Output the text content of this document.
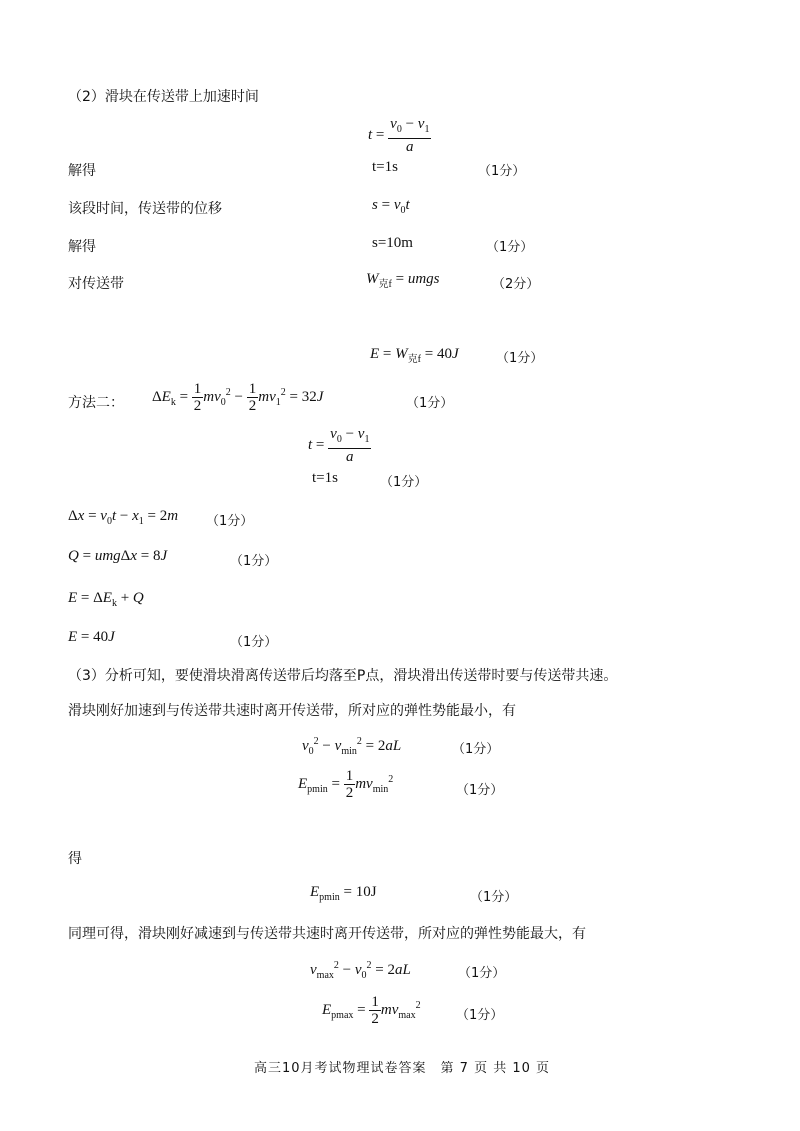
（2）滑块在传送带上加速时间
$t = \frac{v_0 - v_1}{a}$
解得	t=1s	（1分）
该段时间，传送带的位移	$s = v_0t$
解得	s=10m	（1分）
对传送带	$W_{克f}$ = umgs	（2分）
$E = W_{克f} = 40J$	（1分）
方法二： $\Delta E_k = \frac{1}{2} mv_0^2 - \frac{1}{2} mv_1^2 = 32J$	（1分）
$t = \frac{v_0 - v_1}{a}$
t=1s	（1分）
$\Delta x = v_0t - x_1 = 2m$ （1分）
Q = umgΔx = 8J	（1分）
$E = \Delta E_k + Q$
E = 40J	（1分）
（3）分析可知，要使滑块滑离传送带后均落至P点，滑块滑出传送带时要与传送带共速。
滑块刚好加速到与传送带共速时离开传送带，所对应的弹性势能最小，有
$v_0^2 - v_{min}^2 = 2aL$	（1分）
$E_{pmin} = \frac{1}{2} mv_{min}^2$
（1分）
得
$E_{pmin} = 10J$	（1分）
同理可得，滑块刚好减速到与传送带共速时离开传送带，所对应的弹性势能最大，有
$v_{max}^2 - v_0^2 = 2aL$	（1分）
$E_{pmax} = \frac{1}{2} mv_{max}^2$
（1分）
高三10月考试物理试卷答案　第 7 页 共 10 页
